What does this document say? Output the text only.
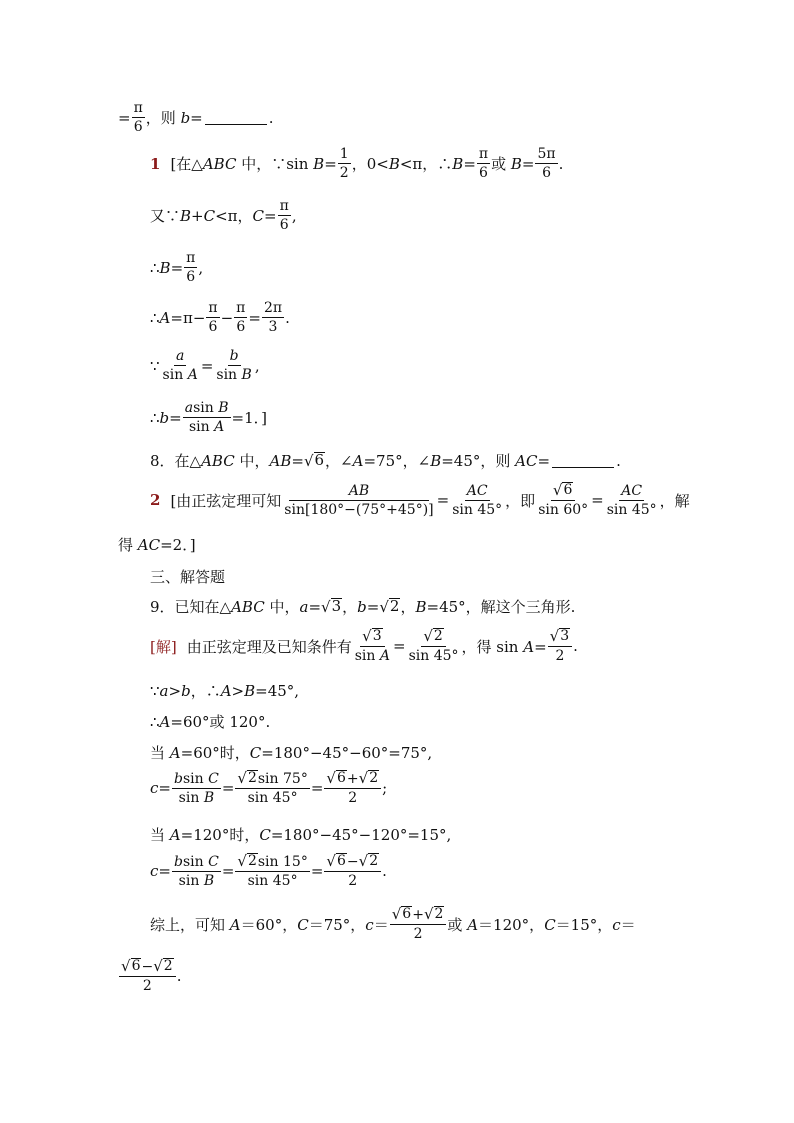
= $\frac{\pi}{6}$ ，则 b=	.
1 [在△ABC 中，∵sin $B= \frac{1}{2}$ ，0<B<π，∴B= $\frac{\pi}{6}$ 或 $B= \frac{5\pi}{6}$ .
又∵B+C<π，$C= \frac{\pi}{6}$ ,
∴B= $\frac{\pi}{6}$ ,
∴A=π− $\frac{\pi}{6} - \frac{\pi}{6} = \frac{2\pi}{3}$ .
∵ $\frac{a}{\text{sin A}} = \frac{b}{\text{sin B}}$ ,
∴b= $\frac{\text{asin B}}{\text{sin A}} =1$．]
8．在△ABC 中，AB= √ 6 ，∠A=75°，∠B=45°，则 AC=	.
2 [由正弦定理可知 $\frac{AB}{\sin[180^\circ-(75^\circ+45^\circ)]} = \frac{AC}{\sin 45^\circ}$ ，即 $\frac{√ 6}{\sin 60^\circ} = \frac{AC}{\sin 45^\circ}$ ，解
得 AC=2．]
三、解答题
9．已知在△ABC 中，a= √ 3 ，b= √ 2 ，B=45°，解这个三角形.
[解] 由正弦定理及已知条件有 $\frac{√ 3}{\text{sin A}} = \frac{√ 2}{\sin 45^\circ}$ ，得 $\sin A= \frac{√ 3}{2}$ .
∵a>b，∴A>B=45°,
∴A=60°或 120°.
当 A=60°时，C=180°−45°−60°=75°,
$c= \frac{\text{bsin C}}{\text{sin B}} = \frac{√ 2 \sin 75^\circ}{\sin 45^\circ} = \frac{√ 6 + √ 2}{2}$ ;
当 A=120°时，C=180°−45°−120°=15°,
$c= \frac{\text{bsin C}}{\text{sin B}} = \frac{√ 2 \sin 15^\circ}{\sin 45^\circ} = \frac{√ 6 - √ 2}{2}$ .
综上，可知 A＝60°，C＝75°，$c= \frac{√ 6 + √ 2}{2}$ 或 A＝120°，C＝15°，c＝
$\frac{√ 6 - √ 2}{2}$ .
